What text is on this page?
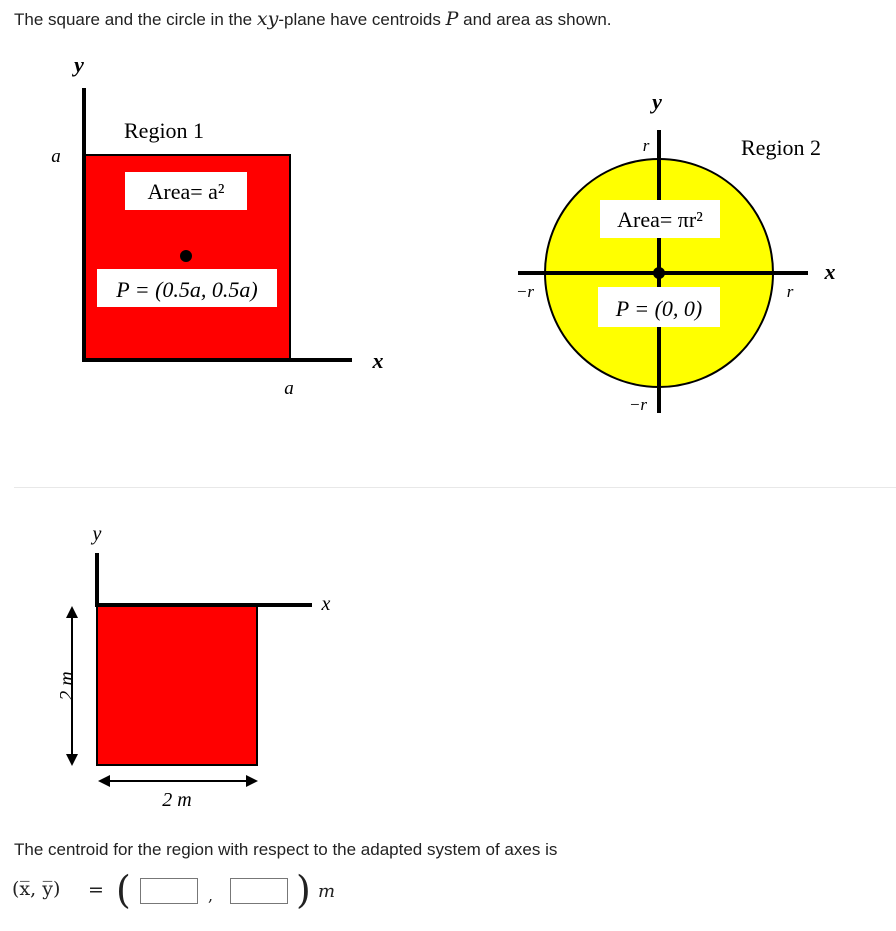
The square and the circle in the xy-plane have centroids P and area as shown.
Region 1
Area= a²
P = (0.5a, 0.5a)
y
x
a
a
Area= πr²
P = (0, 0)
Region 2
y
x
r
r
−r
−r
y
x
2 m
2 m
The centroid for the region with respect to the adapted system of axes is
(x̅, y̅) = (	, ) m
